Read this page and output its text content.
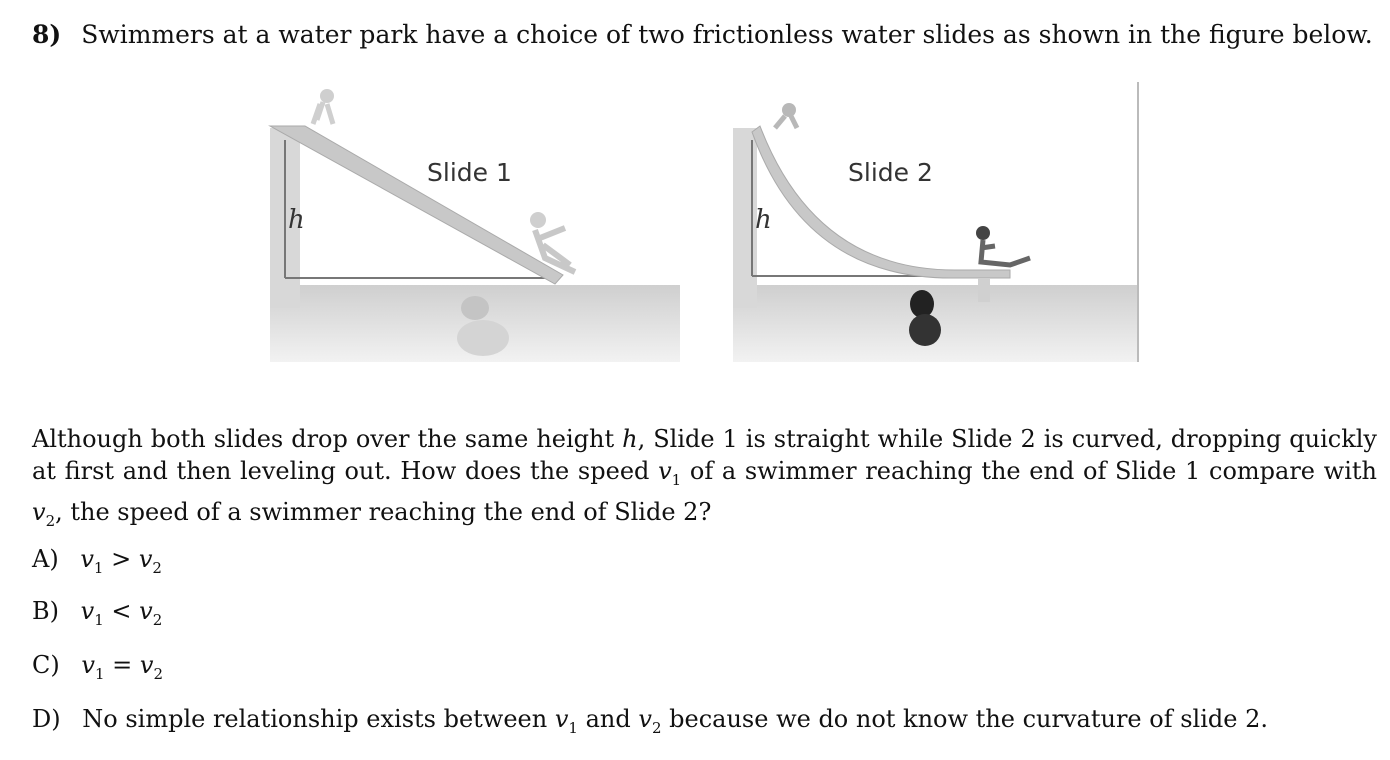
8) Swimmers at a water park have a choice of two frictionless water slides as shown in the figure below.
h
Slide 1
h
Slide 2
Although both slides drop over the same height h, Slide 1 is straight while Slide 2 is curved, dropping quickly at first and then leveling out. How does the speed $v_1$ of a swimmer reaching the end of Slide 1 compare with $v_2$, the speed of a swimmer reaching the end of Slide 2?
A) $v_1 > v_2$
B) $v_1 < v_2$
C) $v_1 = v_2$
D) No simple relationship exists between $v_1$ and $v_2$ because we do not know the curvature of slide 2.
